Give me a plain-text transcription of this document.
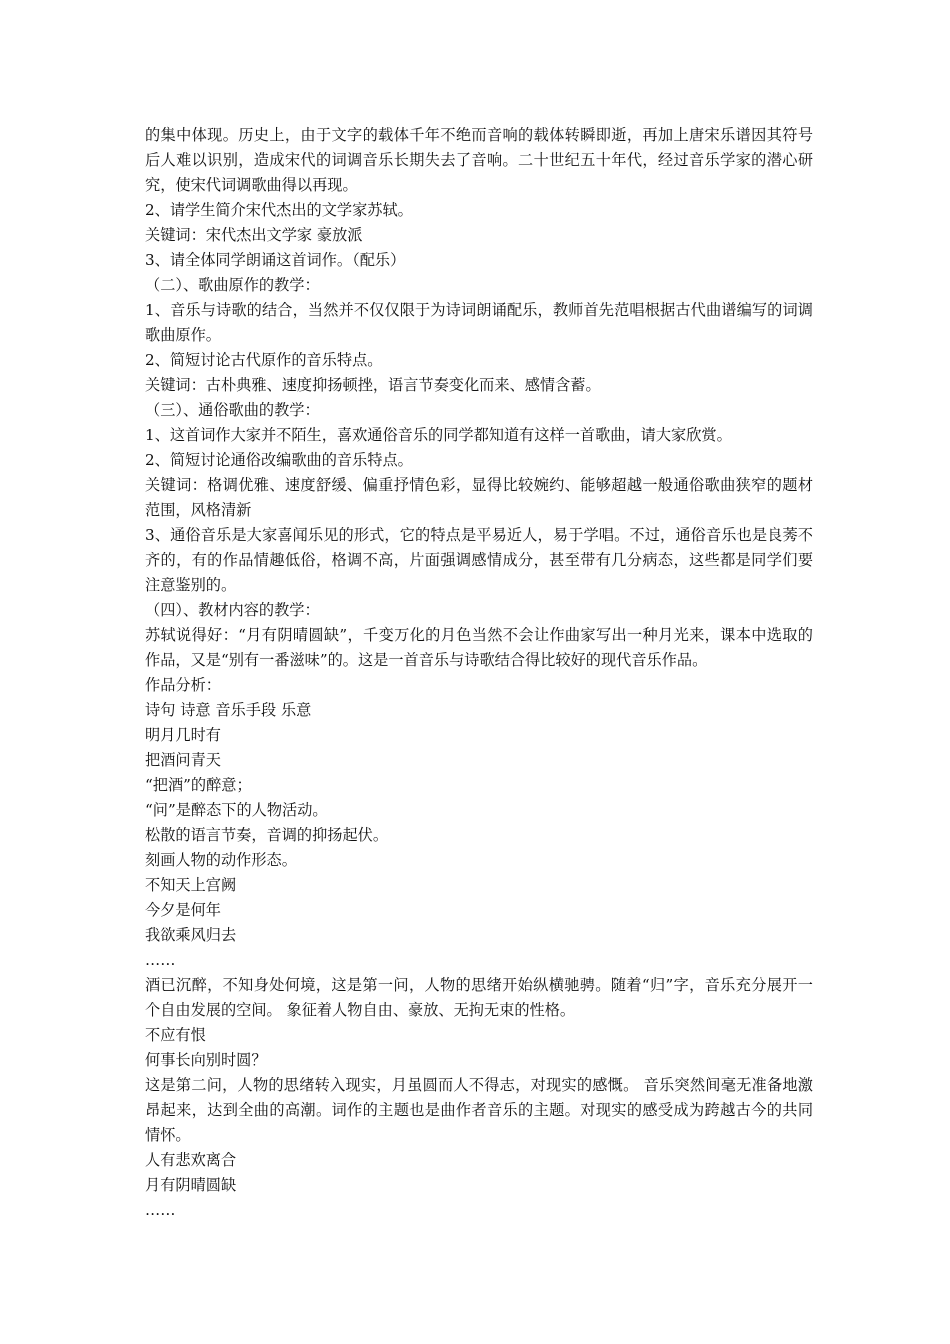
的集中体现。历史上，由于文字的载体千年不绝而音响的载体转瞬即逝，再加上唐宋乐谱因其符号后人难以识别，造成宋代的词调音乐长期失去了音响。二十世纪五十年代，经过音乐学家的潜心研究，使宋代词调歌曲得以再现。

2、请学生简介宋代杰出的文学家苏轼。

关键词：宋代杰出文学家 豪放派

3、请全体同学朗诵这首词作。（配乐）

（二）、歌曲原作的教学：

1、音乐与诗歌的结合，当然并不仅仅限于为诗词朗诵配乐，教师首先范唱根据古代曲谱编写的词调歌曲原作。

2、简短讨论古代原作的音乐特点。

关键词：古朴典雅、速度抑扬顿挫，语言节奏变化而来、感情含蓄。

（三）、通俗歌曲的教学：

1、这首词作大家并不陌生，喜欢通俗音乐的同学都知道有这样一首歌曲，请大家欣赏。

2、简短讨论通俗改编歌曲的音乐特点。

关键词：格调优雅、速度舒缓、偏重抒情色彩，显得比较婉约、能够超越一般通俗歌曲狭窄的题材范围，风格清新

3、通俗音乐是大家喜闻乐见的形式，它的特点是平易近人，易于学唱。不过，通俗音乐也是良莠不齐的，有的作品情趣低俗，格调不高，片面强调感情成分，甚至带有几分病态，这些都是同学们要注意鉴别的。

（四）、教材内容的教学：

苏轼说得好：“月有阴晴圆缺”，千变万化的月色当然不会让作曲家写出一种月光来，课本中选取的作品，又是“别有一番滋味”的。这是一首音乐与诗歌结合得比较好的现代音乐作品。

作品分析：

诗句 诗意 音乐手段 乐意

明月几时有

把酒问青天

“把酒”的醉意；

“问”是醉态下的人物活动。

松散的语言节奏，音调的抑扬起伏。

刻画人物的动作形态。

不知天上宫阙

今夕是何年

我欲乘风归去

……

酒已沉醉，不知身处何境，这是第一问，人物的思绪开始纵横驰骋。随着“归”字，音乐充分展开一个自由发展的空间。 象征着人物自由、豪放、无拘无束的性格。

不应有恨

何事长向别时圆？

这是第二问，人物的思绪转入现实，月虽圆而人不得志，对现实的感慨。 音乐突然间毫无准备地激昂起来，达到全曲的高潮。词作的主题也是曲作者音乐的主题。对现实的感受成为跨越古今的共同情怀。

人有悲欢离合

月有阴晴圆缺

……
